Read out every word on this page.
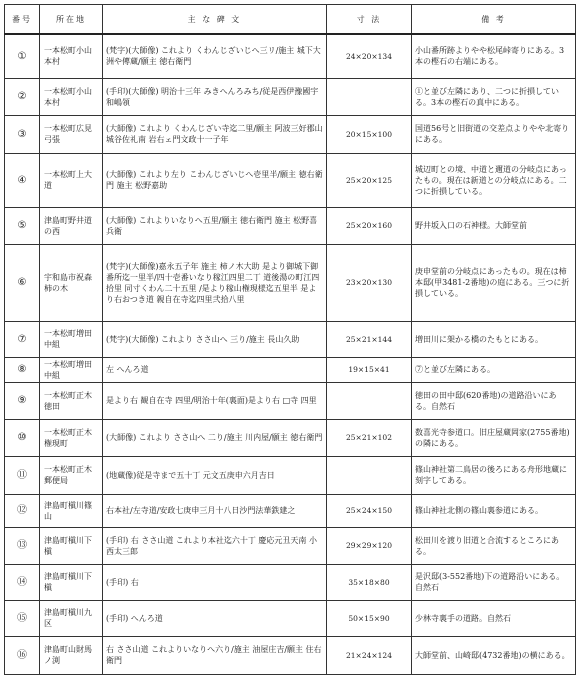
番号	所在地	主 な 碑 文	寸 法	備 考
①	一本松町小山本村	(梵字)(大師像) これより くわんじざいじへ三リ/施主 城下大洲や傳蔵/願主 徳右衛門	24×20×134	小山番所跡よりやや松尾峠寄りにある。3本の樫石の右端にある。
②	一本松町小山本村	(手印)(大師像) 明治十三年 みきへんろみち/従是西伊豫國宇和嶋領		①と並び左隣にあり、二つに折損している。3本の樫石の真中にある。
③	一本松町広見弓張	(大師像) これより くわんじざい寺迄二里/願主 阿波三好郡山城谷佐礼南 岩右ェ門文政十一子年	20×15×100	国道56号と旧街道の交差点よりやや北寄りにある。
④	一本松町上大道	(大師像) これより左り こわんじざいじへ壱里半/願主 徳右衛門 施主 松野嘉助	25×20×125	城辺町との境、中道と邇道の分岐点にあったもの。現在は新道との分岐点にある。二つに折損している。
⑤	津島町野井道の西	(大師像) これよりいなりへ五里/願主 徳右衛門 施主 松野喜兵衛	25×20×160	野井坂入口の石神様。大師堂前
⑥	宇和島市祝森柿の木	(梵字)(大師像)嘉永五子年 施主 柿ノ木大助 是より御城下御番所迄一里半/四十壱番いなり稼江四里二丁 道後湯の町江四拾里 同寸くわん二十五里 /是より稼山権現様迄五里半 是より右おつき道 親自在寺迄四里弐拾八里	23×20×130	庚申堂前の分岐点にあったもの。現在は柿本邸(甲3481-2番地)の庭にある。三つに折損している。
⑦	一本松町増田中組	(梵字)(大師像) これより ささ山へ 三り/施主 長山久助	25×21×144	増田川に架かる橋のたもとにある。
⑧	一本松町増田中組	左 へんろ道	19×15×41	⑦と並び左隣にある。
⑨	一本松町正木徳田	是より右 観自在寺 四里/明治十年(裏面)是より右 □寺 四里		徳田の田中邸(620番地)の道路沿いにある。自然石
⑩	一本松町正木権現町	(大師像) これより ささ山へ 二り/施主 川内屋/願主 徳右衛門	25×21×102	数喜光寺参道口。旧庄屋蔵岡家(2755番地)の隣にある。
⑪	一本松町正木郵便局	(地蔵像)従是寺まで五十丁 元文五庚申六月吉日		篠山神社第二鳥居の後ろにある舟形地蔵に刻字してある。
⑫	津島町槇川篠山	右本社/左寺道/安政七庚申三月十八日沙門法華鉄建之	25×24×150	篠山神社北側の篠山裏参道にある。
⑬	津島町槇川下槇	(手印) 右 ささ山道 これより本社迄六十丁 慶応元丑天南 小西太三郎	29×29×120	松田川を渡り旧道と合流するところにある。
⑭	津島町槇川下槇	(手印) 右	35×18×80	是沢邸(3-552番地)下の道路沿いにある。自然石
⑮	津島町槇川九区	(手印) へんろ道	50×15×90	少林寺裏手の道路。自然石
⑯	津島町山財馬ノ渕	右 ささ山道 これよりいなりへ六り/施主 油屋庄吉/願主 住右衛門	21×24×124	大師堂前、山崎邸(4732番地)の横にある。
